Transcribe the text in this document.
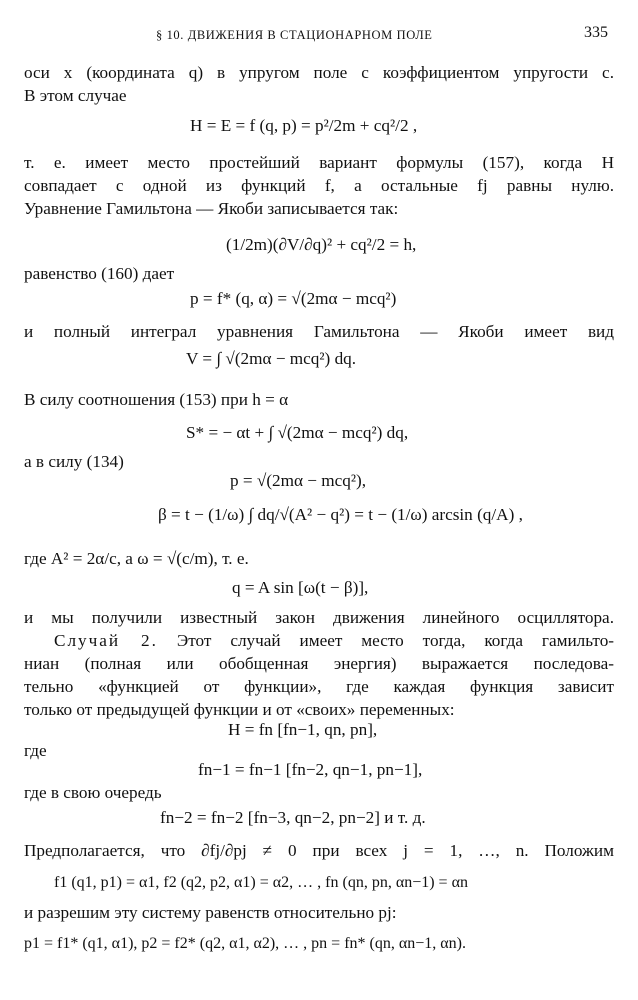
§ 10. ДВИЖЕНИЯ В СТАЦИОНАРНОМ ПОЛЕ	335
оси x (координата q) в упругом поле с коэффициентом упругости c.
В этом случае
H = E = f (q, p) = p²/2m + cq²/2 ,
т. е. имеет место простейший вариант формулы (157), когда H
совпадает с одной из функций f, а остальные fj равны нулю.
Уравнение Гамильтона — Якоби записывается так:
(1/2m)(∂V/∂q)² + cq²/2 = h,
равенство (160) дает
p = f* (q, α) = √(2mα − mcq²)
и полный интеграл уравнения Гамильтона — Якоби имеет вид
V = ∫ √(2mα − mcq²) dq.
В силу соотношения (153) при h = α
S* = − αt + ∫ √(2mα − mcq²) dq,
а в силу (134)
p = √(2mα − mcq²),
β = t − (1/ω) ∫ dq/√(A² − q²) = t − (1/ω) arcsin (q/A) ,
где A² = 2α/c, а ω = √(c/m), т. е.
q = A sin [ω(t − β)],
и мы получили известный закон движения линейного осциллятора.
Случай 2. Этот случай имеет место тогда, когда гамильто-
ниан (полная или обобщенная энергия) выражается последова-
тельно «функцией от функции», где каждая функция зависит
только от предыдущей функции и от «своих» переменных:
H = fn [fn−1, qn, pn],
где
fn−1 = fn−1 [fn−2, qn−1, pn−1],
где в свою очередь
fn−2 = fn−2 [fn−3, qn−2, pn−2] и т. д.
Предполагается, что ∂fj/∂pj ≠ 0 при всех j = 1, …, n. Положим
f1 (q1, p1) = α1, f2 (q2, p2, α1) = α2, … , fn (qn, pn, αn−1) = αn
и разрешим эту систему равенств относительно pj:
p1 = f1* (q1, α1), p2 = f2* (q2, α1, α2), … , pn = fn* (qn, αn−1, αn).
